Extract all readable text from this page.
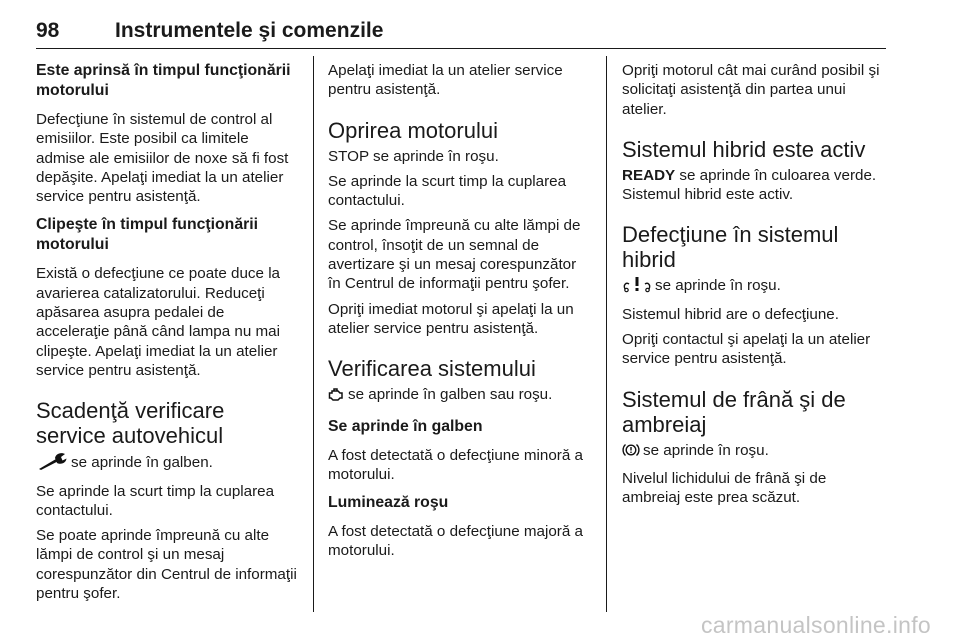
98	Instrumentele şi comenzile
Este aprinsă în timpul funcţionării motorului

Defecţiune în sistemul de control al emisiilor. Este posibil ca limitele admise ale emisiilor de noxe să fi fost depăşite. Apelaţi imediat la un atelier service pentru asistenţă.

Clipeşte în timpul funcţionării motorului

Există o defecţiune ce poate duce la avarierea catalizatorului. Reduceţi apăsarea asupra pedalei de acceleraţie până când lampa nu mai clipeşte. Apelaţi imediat la un atelier service pentru asistenţă.

Scadenţă verificare service autovehicul

se aprinde în galben.

Se aprinde la scurt timp la cuplarea contactului.

Se poate aprinde împreună cu alte lămpi de control şi un mesaj corespunzător din Centrul de informaţii pentru şofer.

Apelaţi imediat la un atelier service pentru asistenţă.

Oprirea motorului

STOP se aprinde în roşu.

Se aprinde la scurt timp la cuplarea contactului.

Se aprinde împreună cu alte lămpi de control, însoţit de un semnal de avertizare şi un mesaj corespunzător în Centrul de informaţii pentru şofer.

Opriţi imediat motorul şi apelaţi la un atelier service pentru asistenţă.

Verificarea sistemului

se aprinde în galben sau roşu.

Se aprinde în galben

A fost detectată o defecţiune minoră a motorului.

Luminează roşu

A fost detectată o defecţiune majoră a motorului.

Opriţi motorul cât mai curând posibil şi solicitaţi asistenţă din partea unui atelier.

Sistemul hibrid este activ

READY se aprinde în culoarea verde. Sistemul hibrid este activ.

Defecţiune în sistemul hibrid

se aprinde în roşu.

Sistemul hibrid are o defecţiune.

Opriţi contactul şi apelaţi la un atelier service pentru asistenţă.

Sistemul de frână şi de ambreiaj

se aprinde în roşu.

Nivelul lichidului de frână şi de ambreiaj este prea scăzut.

carmanualsonline.info
